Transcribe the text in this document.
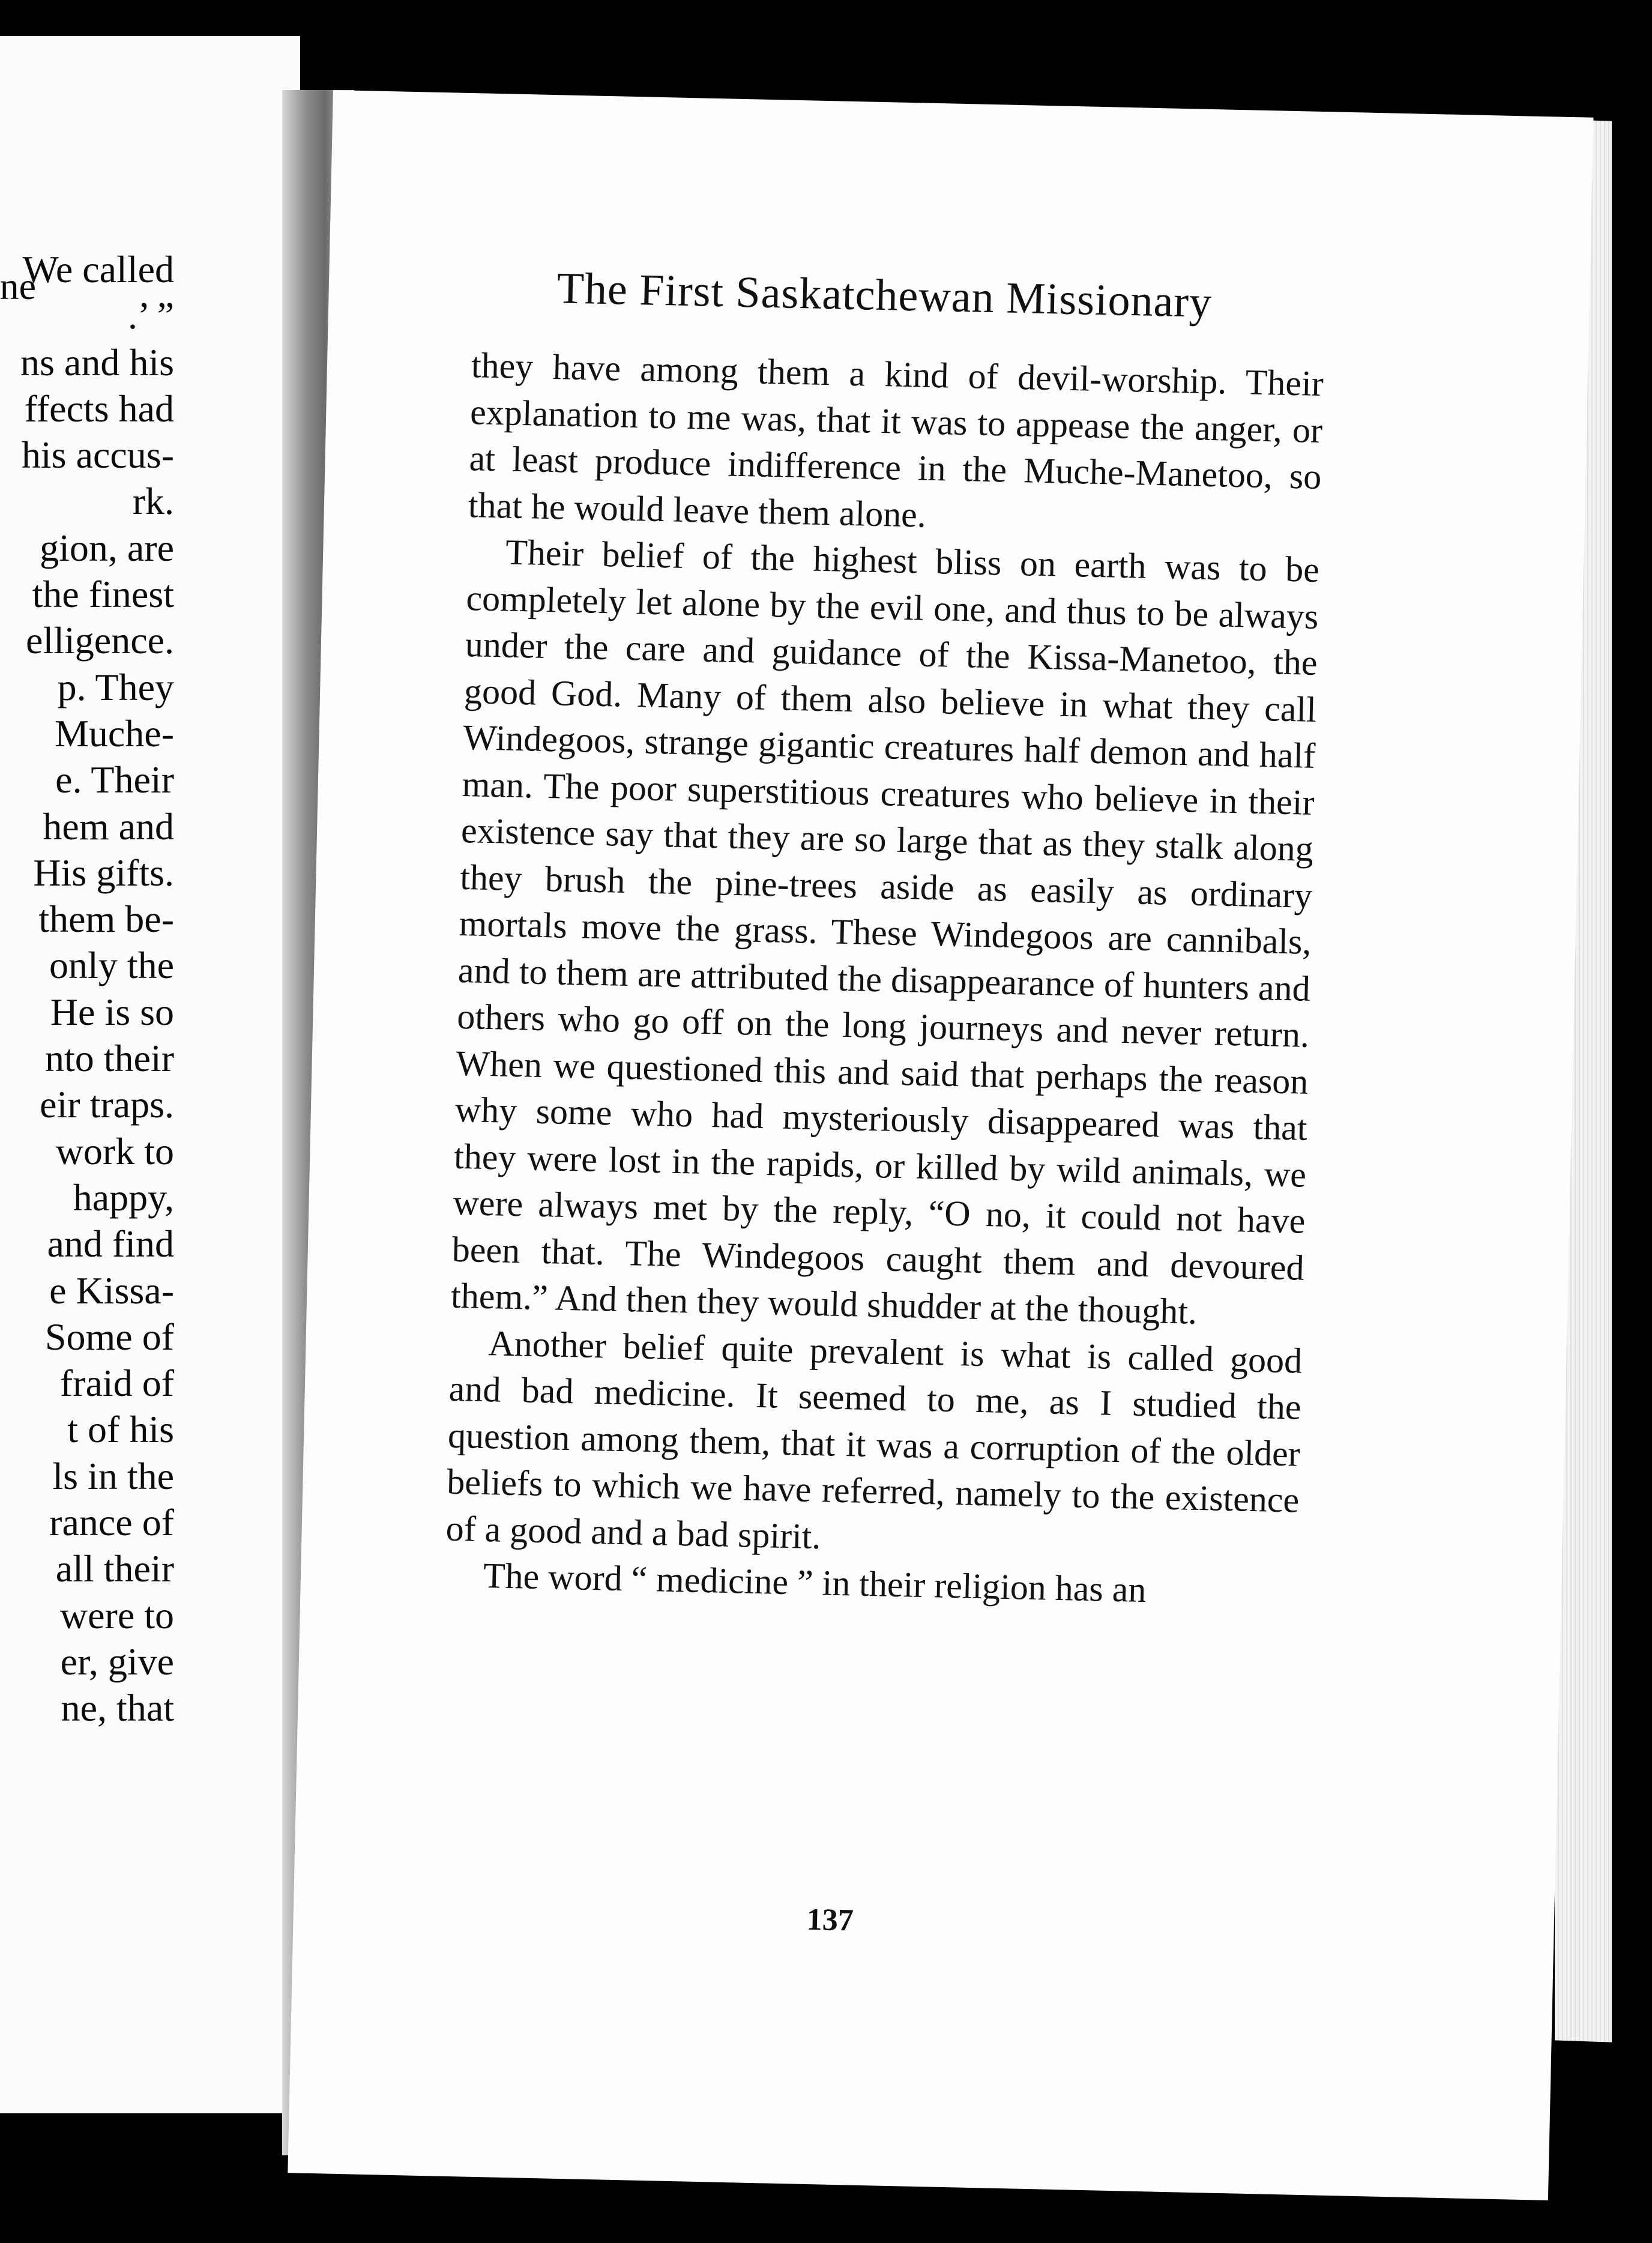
ne
We called
.’ ”
ns and his
ffects had
his accus-
rk.
gion, are
the finest
elligence.
p. They
Muche-
e. Their
hem and
His gifts.
them be-
only the
He is so
nto their
eir traps.
work to
happy,
and find
e Kissa-
Some of
fraid of
t of his
ls in the
rance of
all their
were to
er, give
ne, that
The First Saskatchewan Missionary

they have among them a kind of devil-worship. Their explanation to me was, that it was to appease the anger, or at least produce indifference in the Muche-Manetoo, so that he would leave them alone.

Their belief of the highest bliss on earth was to be completely let alone by the evil one, and thus to be always under the care and guidance of the Kissa-Manetoo, the good God. Many of them also believe in what they call Windegoos, strange gigantic creatures half demon and half man. The poor superstitious creatures who believe in their existence say that they are so large that as they stalk along they brush the pine-trees aside as easily as ordinary mortals move the grass. These Windegoos are cannibals, and to them are attributed the disappearance of hunters and others who go off on the long journeys and never return. When we questioned this and said that perhaps the reason why some who had mysteriously disappeared was that they were lost in the rapids, or killed by wild animals, we were always met by the reply, “O no, it could not have been that. The Windegoos caught them and devoured them.” And then they would shudder at the thought.

Another belief quite prevalent is what is called good and bad medicine. It seemed to me, as I studied the question among them, that it was a corruption of the older beliefs to which we have referred, namely to the existence of a good and a bad spirit.

The word “ medicine ” in their religion has an

137
